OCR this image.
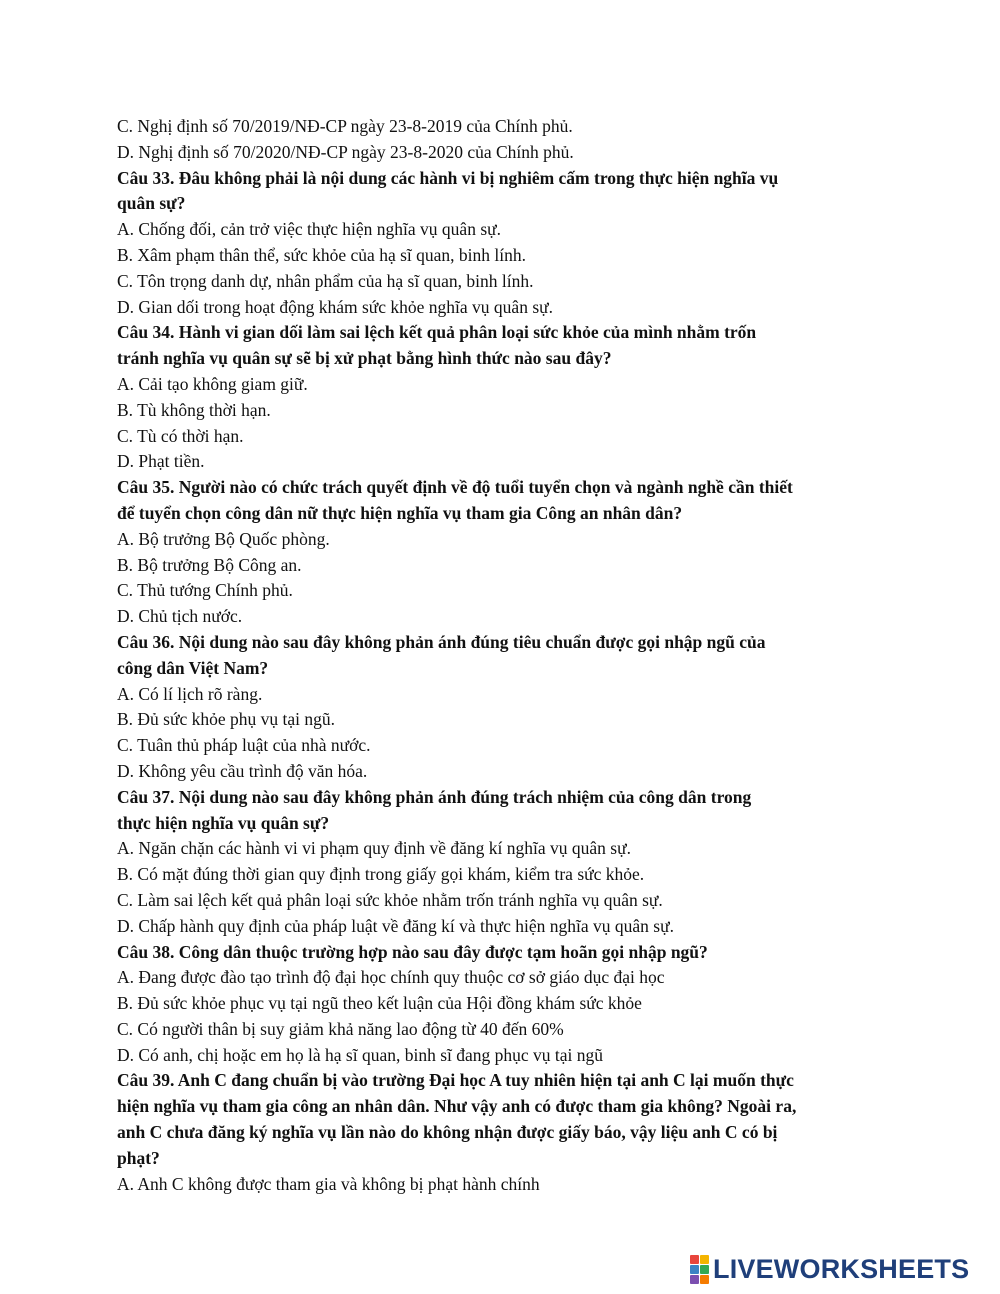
C. Nghị định số 70/2019/NĐ-CP ngày 23-8-2019 của Chính phủ.
D. Nghị định số 70/2020/NĐ-CP ngày 23-8-2020 của Chính phủ.
Câu 33. Đâu không phải là nội dung các hành vi bị nghiêm cấm trong thực hiện nghĩa vụ
quân sự?
A. Chống đối, cản trở việc thực hiện nghĩa vụ quân sự.
B. Xâm phạm thân thể, sức khỏe của hạ sĩ quan, binh lính.
C. Tôn trọng danh dự, nhân phẩm của hạ sĩ quan, binh lính.
D. Gian dối trong hoạt động khám sức khỏe nghĩa vụ quân sự.
Câu 34. Hành vi gian dối làm sai lệch kết quả phân loại sức khỏe của mình nhằm trốn
tránh nghĩa vụ quân sự sẽ bị xử phạt bằng hình thức nào sau đây?
A. Cải tạo không giam giữ.
B. Tù không thời hạn.
C. Tù có thời hạn.
D. Phạt tiền.
Câu 35. Người nào có chức trách quyết định về độ tuổi tuyển chọn và ngành nghề cần thiết
để tuyển chọn công dân nữ thực hiện nghĩa vụ tham gia Công an nhân dân?
A. Bộ trưởng Bộ Quốc phòng.
B. Bộ trưởng Bộ Công an.
C. Thủ tướng Chính phủ.
D. Chủ tịch nước.
Câu 36. Nội dung nào sau đây không phản ánh đúng tiêu chuẩn được gọi nhập ngũ của
công dân Việt Nam?
A. Có lí lịch rõ ràng.
B. Đủ sức khỏe phụ vụ tại ngũ.
C. Tuân thủ pháp luật của nhà nước.
D. Không yêu cầu trình độ văn hóa.
Câu 37. Nội dung nào sau đây không phản ánh đúng trách nhiệm của công dân trong
thực hiện nghĩa vụ quân sự?
A. Ngăn chặn các hành vi vi phạm quy định về đăng kí nghĩa vụ quân sự.
B. Có mặt đúng thời gian quy định trong giấy gọi khám, kiểm tra sức khỏe.
C. Làm sai lệch kết quả phân loại sức khỏe nhằm trốn tránh nghĩa vụ quân sự.
D. Chấp hành quy định của pháp luật về đăng kí và thực hiện nghĩa vụ quân sự.
Câu 38. Công dân thuộc trường hợp nào sau đây được tạm hoãn gọi nhập ngũ?
A. Đang được đào tạo trình độ đại học chính quy thuộc cơ sở giáo dục đại học
B. Đủ sức khỏe phục vụ tại ngũ theo kết luận của Hội đồng khám sức khỏe
C. Có người thân bị suy giảm khả năng lao động từ 40 đến 60%
D. Có anh, chị hoặc em họ là hạ sĩ quan, binh sĩ đang phục vụ tại ngũ
Câu 39. Anh C đang chuẩn bị vào trường Đại học A tuy nhiên hiện tại anh C lại muốn thực
hiện nghĩa vụ tham gia công an nhân dân. Như vậy anh có được tham gia không? Ngoài ra,
anh C chưa đăng ký nghĩa vụ lần nào do không nhận được giấy báo, vậy liệu anh C có bị
phạt?
A. Anh C không được tham gia và không bị phạt hành chính
LIVEWORKSHEETS
